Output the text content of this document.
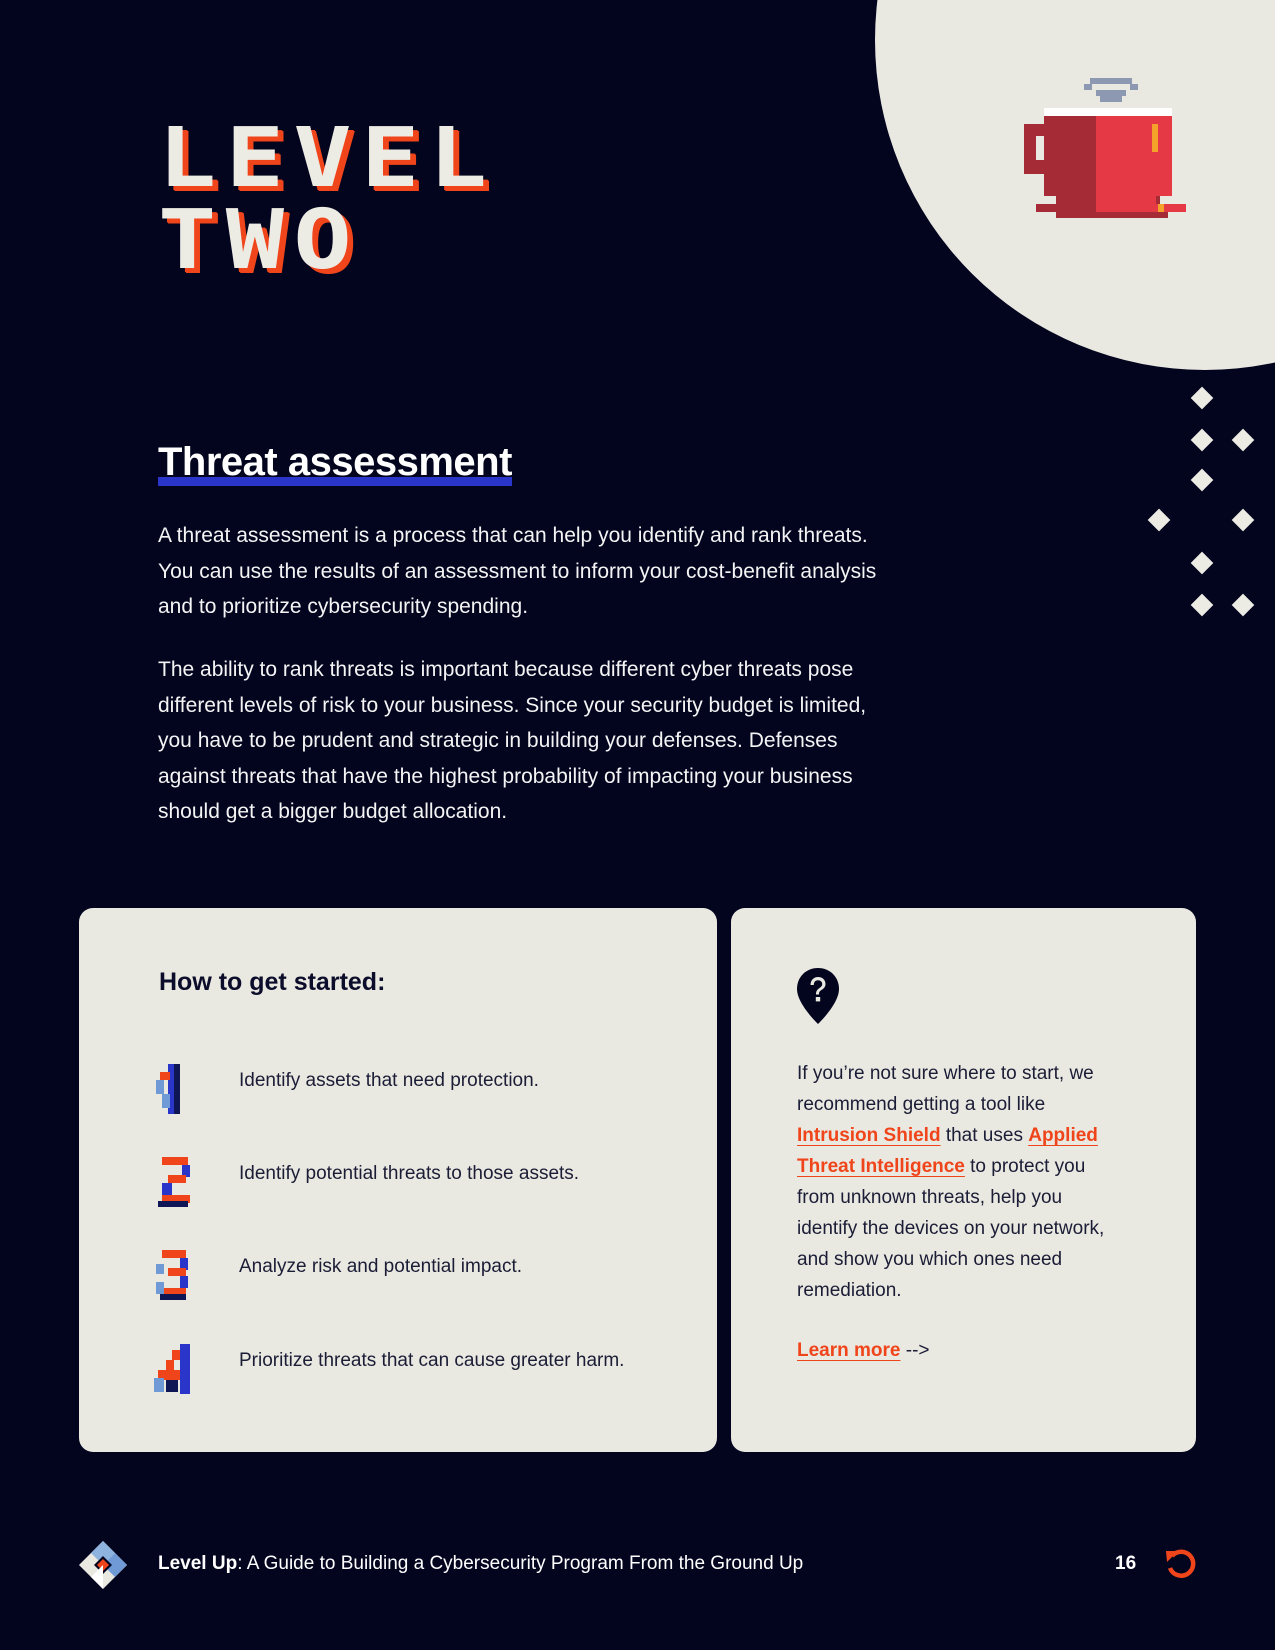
LEVEL
TWO
Threat assessment

A threat assessment is a process that can help you identify and rank threats. You can use the results of an assessment to inform your cost-benefit analysis and to prioritize cybersecurity spending.

The ability to rank threats is important because different cyber threats pose different levels of risk to your business. Since your security budget is limited, you have to be prudent and strategic in building your defenses. Defenses against threats that have the highest probability of impacting your business should get a bigger budget allocation.

How to get started:
Identify assets that need protection.
Identify potential threats to those assets.
Analyze risk and potential impact.
Prioritize threats that can cause greater harm.

If you’re not sure where to start, we recommend getting a tool like Intrusion Shield that uses Applied Threat Intelligence to protect you from unknown threats, help you identify the devices on your network, and show you which ones need remediation.

Learn more -->
Level Up: A Guide to Building a Cybersecurity Program From the Ground Up	16
